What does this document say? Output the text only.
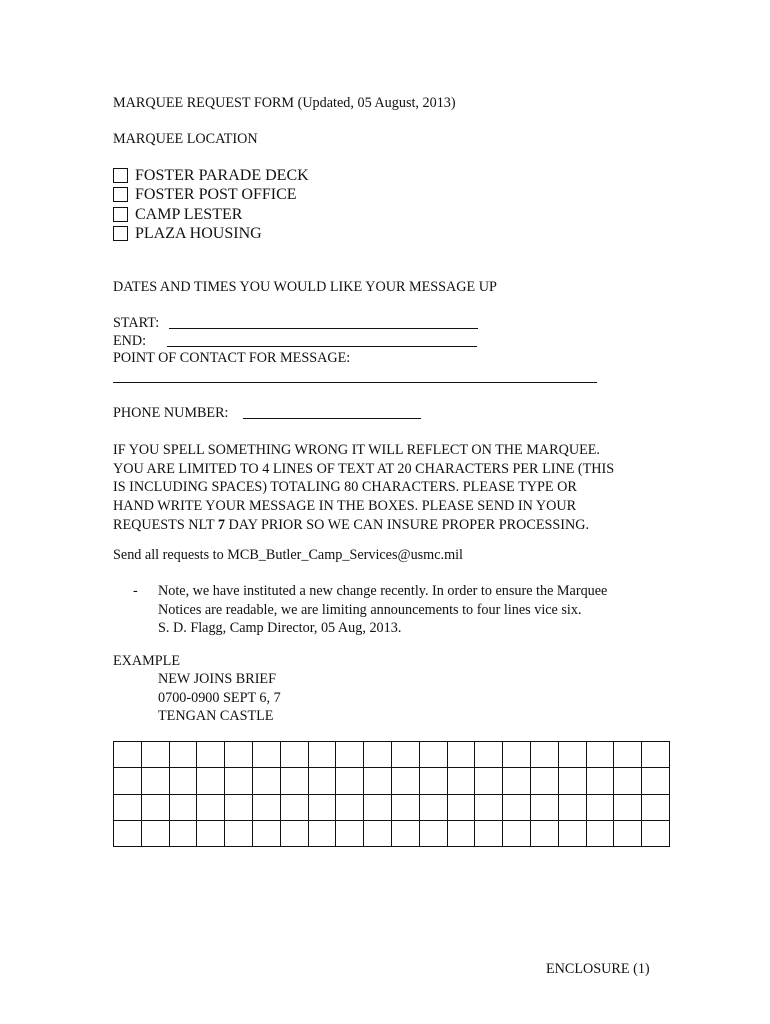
MARQUEE REQUEST FORM (Updated, 05 August, 2013)
MARQUEE LOCATION
FOSTER PARADE DECK
FOSTER POST OFFICE
CAMP LESTER
PLAZA HOUSING
DATES AND TIMES YOU WOULD LIKE YOUR MESSAGE UP
START:
END:
POINT OF CONTACT FOR MESSAGE:
PHONE NUMBER:
IF YOU SPELL SOMETHING WRONG IT WILL REFLECT ON THE MARQUEE.
YOU ARE LIMITED TO 4 LINES OF TEXT AT 20 CHARACTERS PER LINE (THIS
IS INCLUDING SPACES) TOTALING 80 CHARACTERS. PLEASE TYPE OR
HAND WRITE YOUR MESSAGE IN THE BOXES. PLEASE SEND IN YOUR
REQUESTS NLT 7 DAY PRIOR SO WE CAN INSURE PROPER PROCESSING.
Send all requests to MCB_Butler_Camp_Services@usmc.mil
- Note, we have instituted a new change recently. In order to ensure the Marquee
Notices are readable, we are limiting announcements to four lines vice six.
S. D. Flagg, Camp Director, 05 Aug, 2013.
EXAMPLE
NEW JOINS BRIEF
0700-0900 SEPT 6, 7
TENGAN CASTLE

ENCLOSURE (1)
